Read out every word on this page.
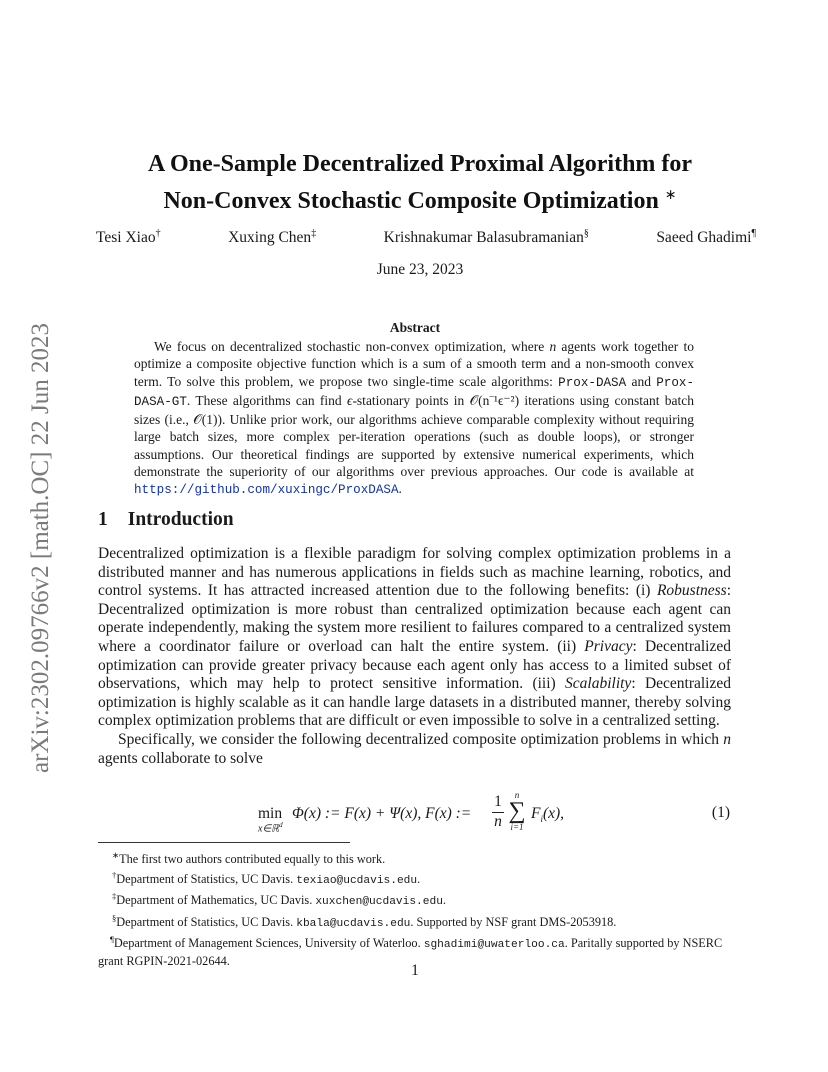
arXiv:2302.09766v2 [math.OC] 22 Jun 2023
A One-Sample Decentralized Proximal Algorithm for
Non-Convex Stochastic Composite Optimization ∗
Tesi Xiao†	Xuxing Chen‡	Krishnakumar Balasubramanian§	Saeed Ghadimi¶
June 23, 2023
Abstract
We focus on decentralized stochastic non-convex optimization, where n agents work together to optimize a composite objective function which is a sum of a smooth term and a non-smooth convex term. To solve this problem, we propose two single-time scale algorithms: Prox-DASA and Prox-DASA-GT. These algorithms can find ϵ-stationary points in 𝒪(n⁻¹ϵ⁻²) iterations using constant batch sizes (i.e., 𝒪(1)). Unlike prior work, our algorithms achieve comparable complexity without requiring large batch sizes, more complex per-iteration operations (such as double loops), or stronger assumptions. Our theoretical findings are supported by extensive numerical experiments, which demonstrate the superiority of our algorithms over previous approaches. Our code is available at https://github.com/xuxingc/ProxDASA.
1 Introduction

Decentralized optimization is a flexible paradigm for solving complex optimization problems in a distributed manner and has numerous applications in fields such as machine learning, robotics, and control systems. It has attracted increased attention due to the following benefits: (i) Robustness: Decentralized optimization is more robust than centralized optimization because each agent can operate independently, making the system more resilient to failures compared to a centralized system where a coordinator failure or overload can halt the entire system. (ii) Privacy: Decentralized optimization can provide greater privacy because each agent only has access to a limited subset of observations, which may help to protect sensitive information. (iii) Scalability: Decentralized optimization is highly scalable as it can handle large datasets in a distributed manner, thereby solving complex optimization problems that are difficult or even impossible to solve in a centralized setting.

Specifically, we consider the following decentralized composite optimization problems in which n agents collaborate to solve

min
x∈ℝ$^d$
Φ(x) := F(x) + Ψ(x), F(x) :=
1
n
n
∑
i=1
$F_i(x)$,	(1)

∗The first two authors contributed equally to this work.

†Department of Statistics, UC Davis. texiao@ucdavis.edu.

‡Department of Mathematics, UC Davis. xuxchen@ucdavis.edu.

§Department of Statistics, UC Davis. kbala@ucdavis.edu. Supported by NSF grant DMS-2053918.

¶Department of Management Sciences, University of Waterloo. sghadimi@uwaterloo.ca. Paritally supported by NSERC grant RGPIN-2021-02644.

1
